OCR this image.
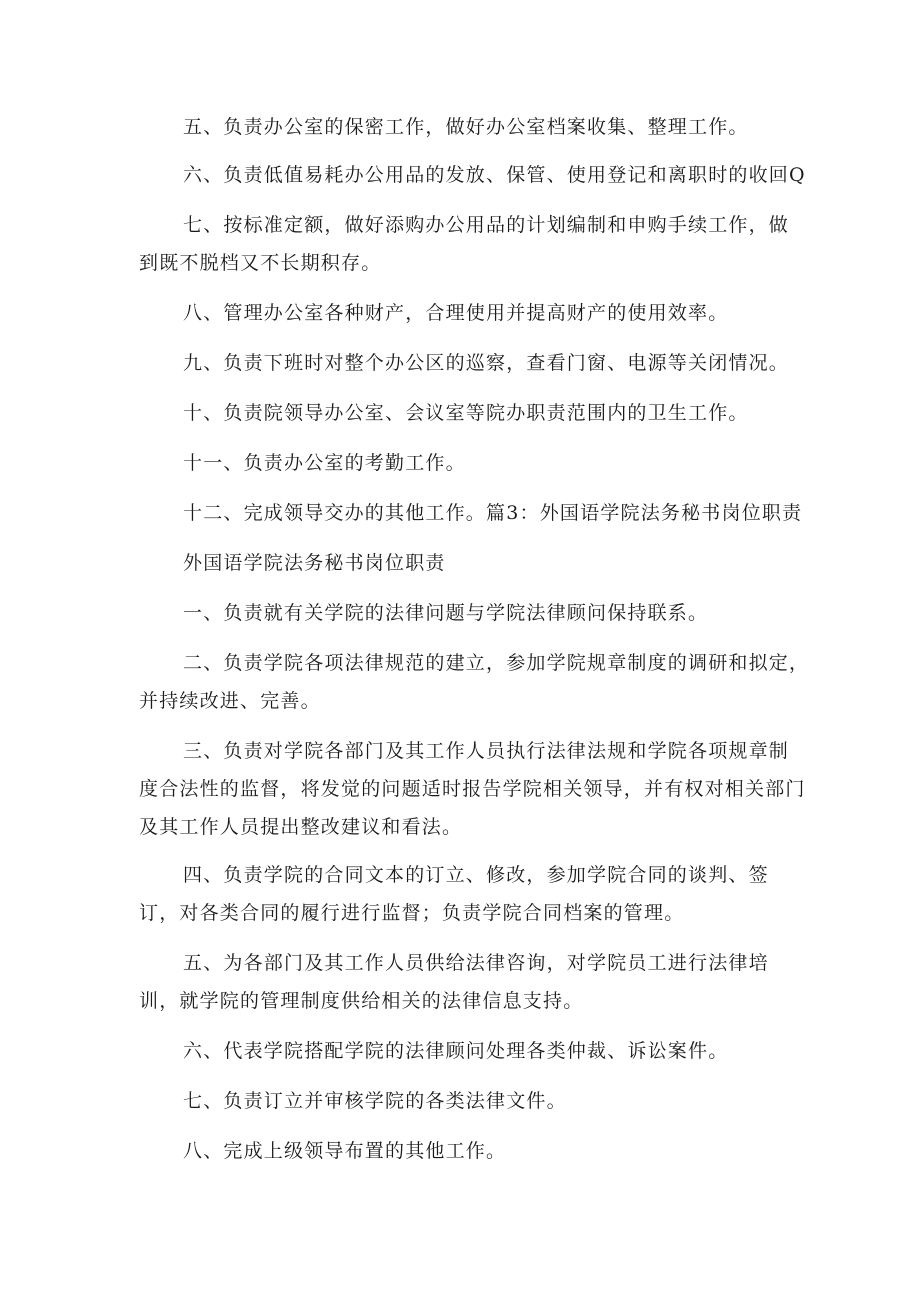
五、负责办公室的保密工作，做好办公室档案收集、整理工作。
六、负责低值易耗办公用品的发放、保管、使用登记和离职时的收回Q
七、按标准定额，做好添购办公用品的计划编制和申购手续工作，做
到既不脱档又不长期积存。
八、管理办公室各种财产，合理使用并提高财产的使用效率。
九、负责下班时对整个办公区的巡察，查看门窗、电源等关闭情况。
十、负责院领导办公室、会议室等院办职责范围内的卫生工作。
十一、负责办公室的考勤工作。
十二、完成领导交办的其他工作。篇3：外国语学院法务秘书岗位职责
外国语学院法务秘书岗位职责
一、负责就有关学院的法律问题与学院法律顾问保持联系。
二、负责学院各项法律规范的建立，参加学院规章制度的调研和拟定，
并持续改进、完善。
三、负责对学院各部门及其工作人员执行法律法规和学院各项规章制
度合法性的监督，将发觉的问题适时报告学院相关领导，并有权对相关部门
及其工作人员提出整改建议和看法。
四、负责学院的合同文本的订立、修改，参加学院合同的谈判、签
订，对各类合同的履行进行监督；负责学院合同档案的管理。
五、为各部门及其工作人员供给法律咨询，对学院员工进行法律培
训，就学院的管理制度供给相关的法律信息支持。
六、代表学院搭配学院的法律顾问处理各类仲裁、诉讼案件。
七、负责订立并审核学院的各类法律文件。
八、完成上级领导布置的其他工作。
